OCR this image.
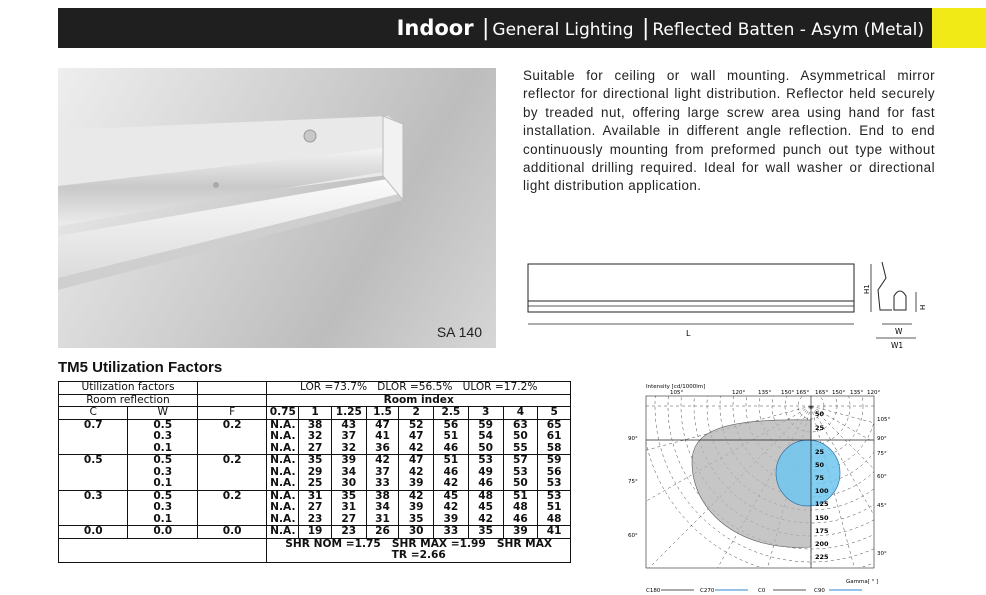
Indoor | General Lighting | Reflected Batten - Asym (Metal)
SA 140
Suitable for ceiling or wall mounting. Asymmetrical mirror reflector for directional light distribution. Reflector held securely by treaded nut, offering large screw area using hand for fast installation. Available in different angle reflection. End to end continuously mounting from preformed punch out type without additional drilling required. Ideal for wall washer or directional light distribution application.
L
H1
H
W
W1
TM5 Utilization Factors
Utilization factors			LOR =73.7% DLOR =56.5% ULOR =17.2%								
Room reflection			Room index								
C	W	F	0.75	1	1.25	1.5	2	2.5	3	4	5
0.7	0.5	0.2	N.A.	38	43	47	52	56	59	63	65
	0.3		N.A.	32	37	41	47	51	54	50	61
	0.1		N.A.	27	32	36	42	46	50	55	58
0.5	0.5	0.2	N.A.	35	39	42	47	51	53	57	59
	0.3		N.A.	29	34	37	42	46	49	53	56
	0.1		N.A.	25	30	33	39	42	46	50	53
0.3	0.5	0.2	N.A.	31	35	38	42	45	48	51	53
	0.3		N.A.	27	31	34	39	42	45	48	51
	0.1		N.A.	23	27	31	35	39	42	46	48
0.0	0.0	0.0	N.A.	19	23	26	30	33	35	39	41
			SHR NOM =1.75   SHR MAX =1.99   SHR MAX								
			TR =2.66								
Intensity [cd/1000lm]
105°	120° 135° 150° 165° 165° 150° 135° 120°
90°
75°
60°
105°
90°
75°
60°
45°
30°
50
25
25
50
75
100
125
150
175
200
225
Gamma[ ° ]
C180	C270	C0	C90
